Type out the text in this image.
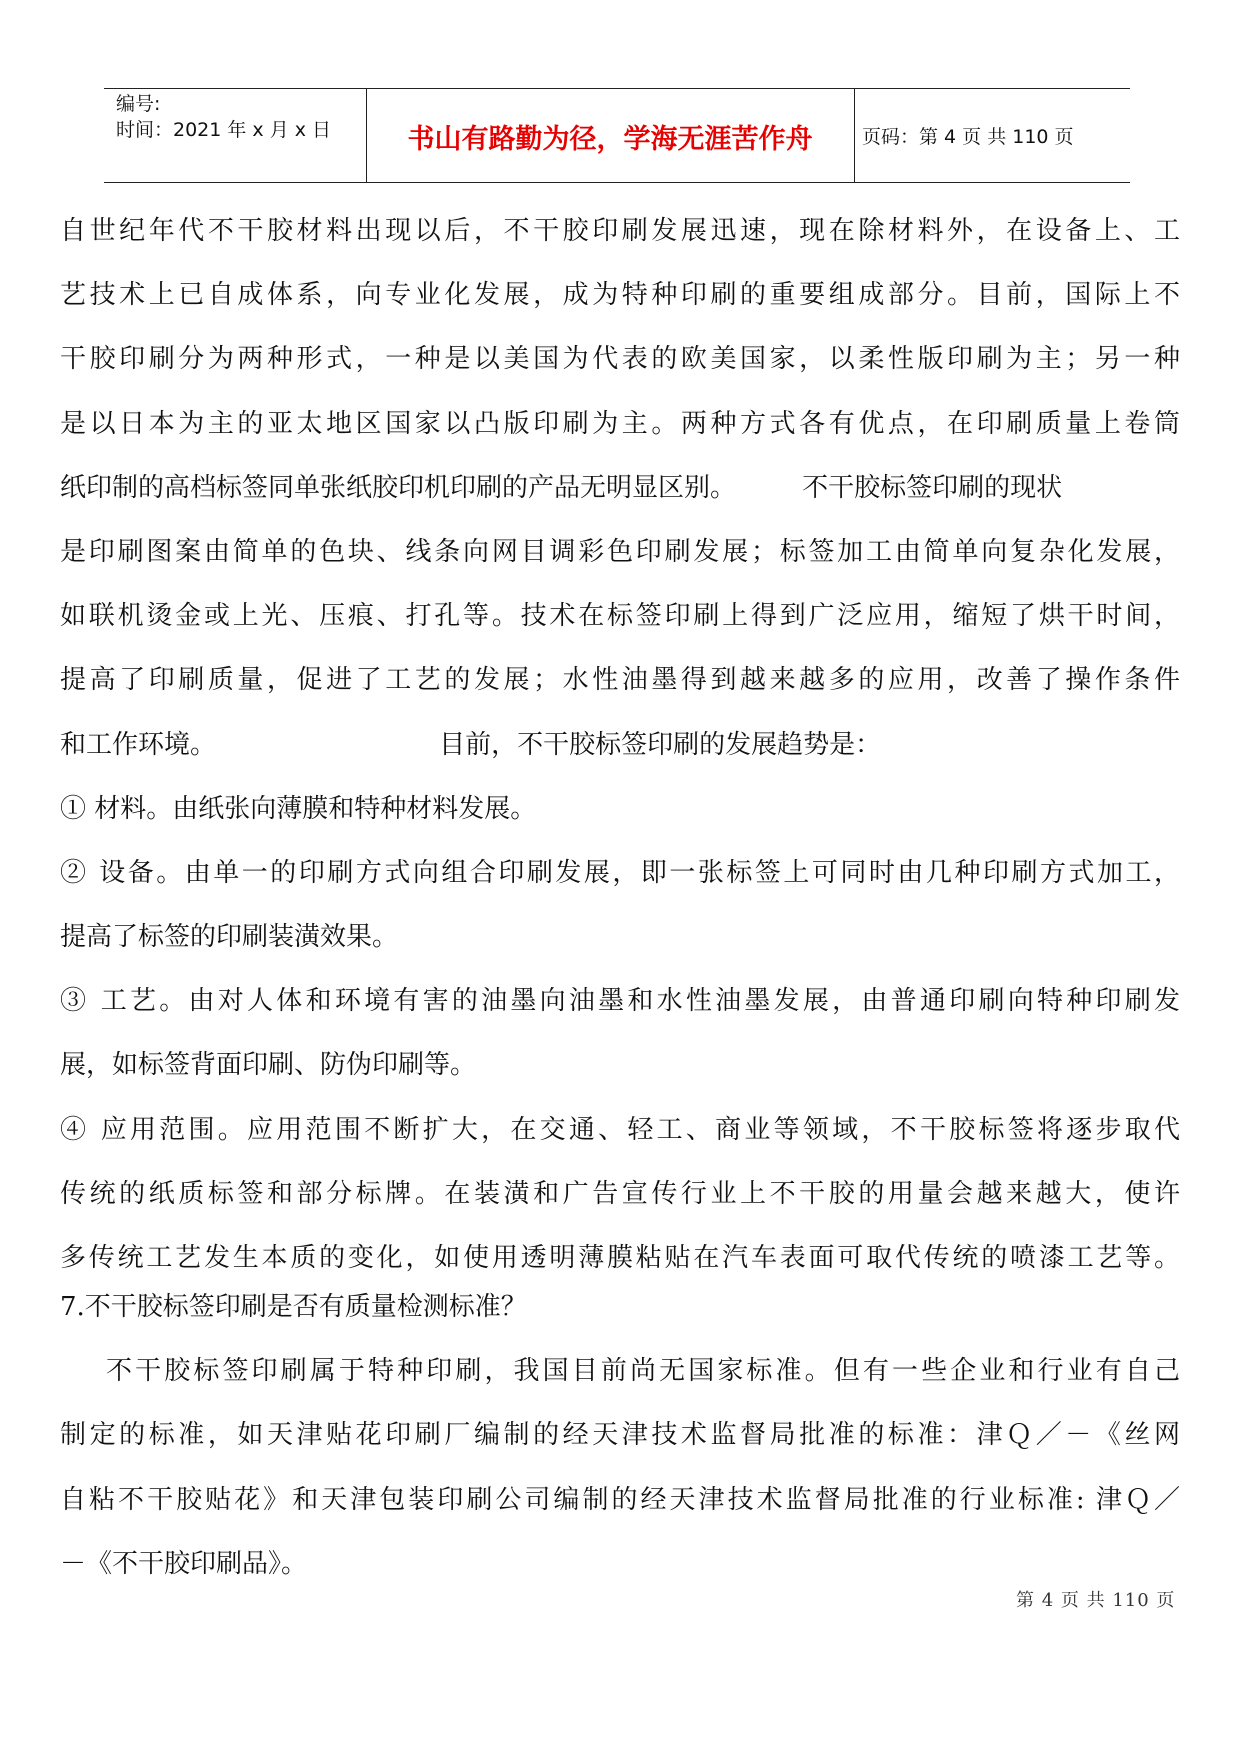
编号:
时间：2021 年 x 月 x 日	书山有路勤为径，学海无涯苦作舟	页码：第 4 页 共 110 页
自世纪年代不干胶材料出现以后，不干胶印刷发展迅速，现在除材料外，在设备上、工
艺技术上已自成体系，向专业化发展，成为特种印刷的重要组成部分。目前，国际上不
干胶印刷分为两种形式，一种是以美国为代表的欧美国家，以柔性版印刷为主；另一种
是以日本为主的亚太地区国家以凸版印刷为主。两种方式各有优点，在印刷质量上卷筒
纸印制的高档标签同单张纸胶印机印刷的产品无明显区别。        不干胶标签印刷的现状
是印刷图案由简单的色块、线条向网目调彩色印刷发展；标签加工由简单向复杂化发展，
如联机烫金或上光、压痕、打孔等。技术在标签印刷上得到广泛应用，缩短了烘干时间，
提高了印刷质量，促进了工艺的发展；水性油墨得到越来越多的应用，改善了操作条件
和工作环境。                           目前，不干胶标签印刷的发展趋势是：
① 材料。由纸张向薄膜和特种材料发展。
② 设备。由单一的印刷方式向组合印刷发展，即一张标签上可同时由几种印刷方式加工，
提高了标签的印刷装潢效果。
③ 工艺。由对人体和环境有害的油墨向油墨和水性油墨发展，由普通印刷向特种印刷发
展，如标签背面印刷、防伪印刷等。
④ 应用范围。应用范围不断扩大，在交通、轻工、商业等领域，不干胶标签将逐步取代
传统的纸质标签和部分标牌。在装潢和广告宣传行业上不干胶的用量会越来越大，使许
多传统工艺发生本质的变化，如使用透明薄膜粘贴在汽车表面可取代传统的喷漆工艺等。
7.不干胶标签印刷是否有质量检测标准？
不干胶标签印刷属于特种印刷，我国目前尚无国家标准。但有一些企业和行业有自己
制定的标准，如天津贴花印刷厂编制的经天津技术监督局批准的标准：津Ｑ／－《丝网
自粘不干胶贴花》和天津包装印刷公司编制的经天津技术监督局批准的行业标准: 津Ｑ／
－《不干胶印刷品》。
第 4 页 共 110 页
